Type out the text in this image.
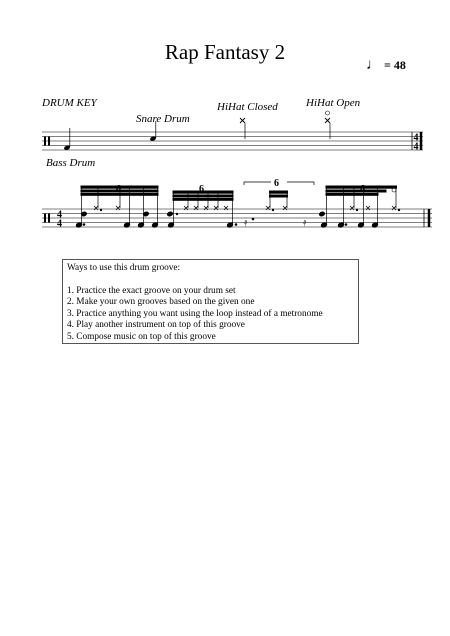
Rap Fantasy 2
♩ = 48
DRUM KEY
Snare Drum
HiHat Closed	HiHat Open
Bass Drum
4
4
4
4
6	6
6
𝄿	𝄿
6
Ways to use this drum groove:
1. Practice the exact groove on your drum set
2. Make your own grooves based on the given one
3. Practice anything you want using the loop instead of a metronome
4. Play another instrument on top of this groove
5. Compose music on top of this groove
